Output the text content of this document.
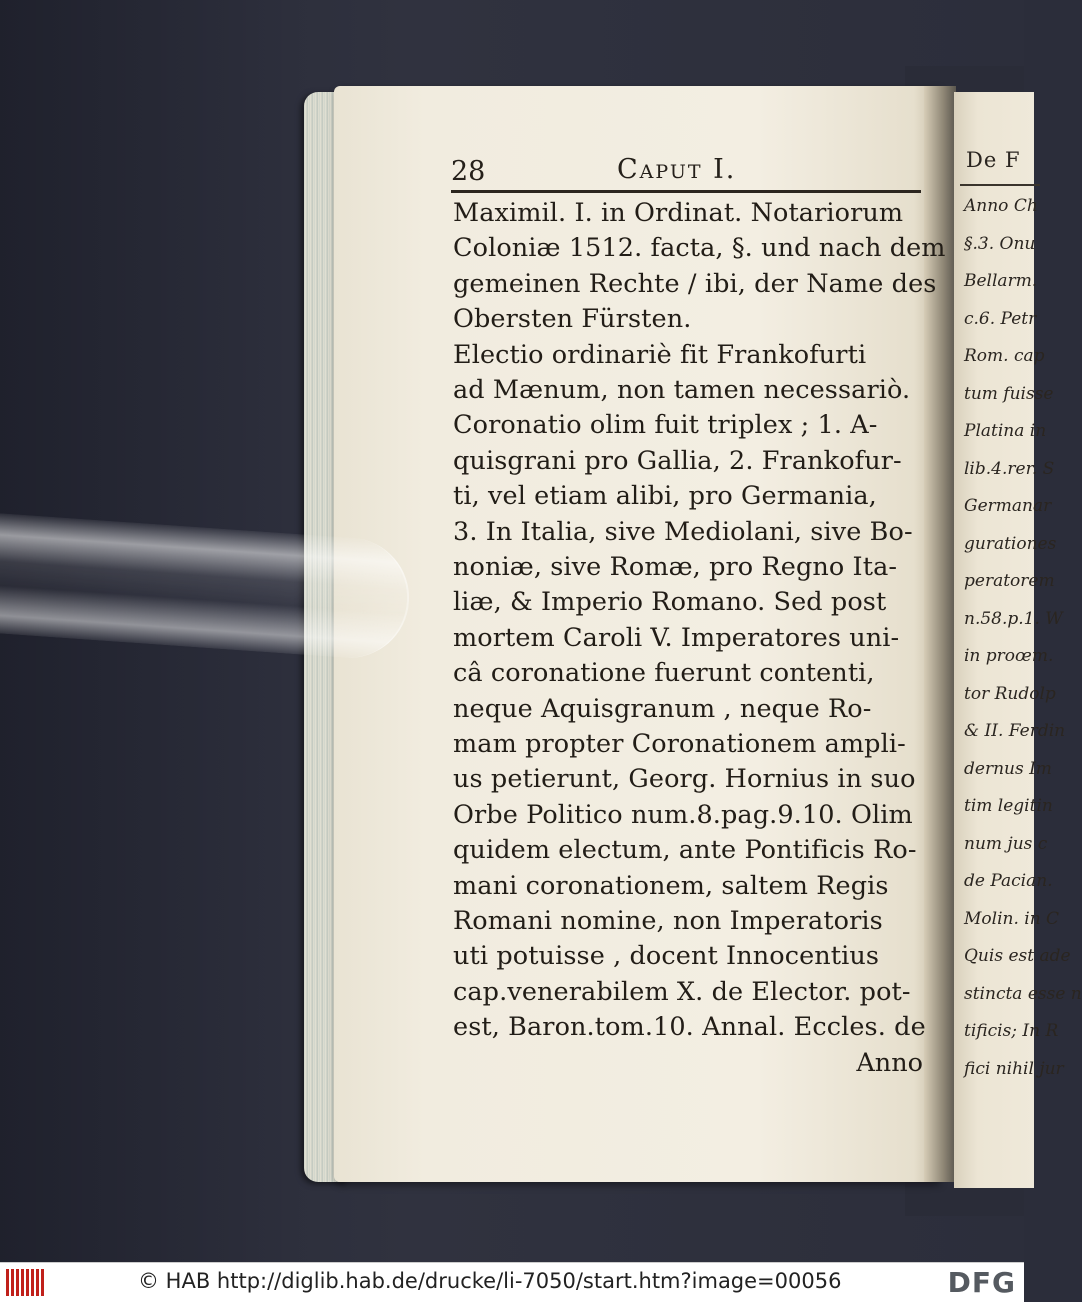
De F
Anno Ch
§.3. Onu
Bellarm.
c.6. Petr
Rom. cap
tum fuisse
Platina in
lib.4.rer. S
Germanar
gurationes
peratorem
n.58.p.1. W
in proœm.
tor Rudolp
& II. Ferdin
dernus Im
tim legitin
num jus c
de Pacian.
Molin. in C
Quis est ade
stincta esse n
tificis; In R
fici nihil jur
28	Caput I.
Anno
Maximil. I. in Ordinat. Notariorum
Coloniæ 1512. facta, §. und nach dem
gemeinen Rechte / ibi, der Name des
Obersten Fürsten.
Electio ordinariè fit Frankofurti
ad Mænum, non tamen necessariò.
Coronatio olim fuit triplex ; 1. A-
quisgrani pro Gallia, 2. Frankofur-
ti, vel etiam alibi, pro Germania,
3. In Italia, sive Mediolani, sive Bo-
noniæ, sive Romæ, pro Regno Ita-
liæ, & Imperio Romano. Sed post
mortem Caroli V. Imperatores uni-
câ coronatione fuerunt contenti,
neque Aquisgranum , neque Ro-
mam propter Coronationem ampli-
us petierunt, Georg. Hornius in suo
Orbe Politico num.8.pag.9.10. Olim
quidem electum, ante Pontificis Ro-
mani coronationem, saltem Regis
Romani nomine, non Imperatoris
uti potuisse , docent Innocentius
cap.venerabilem X. de Elector. pot-
est, Baron.tom.10. Annal. Eccles. de
© HAB http://diglib.hab.de/drucke/li-7050/start.htm?image=00056	DFG
